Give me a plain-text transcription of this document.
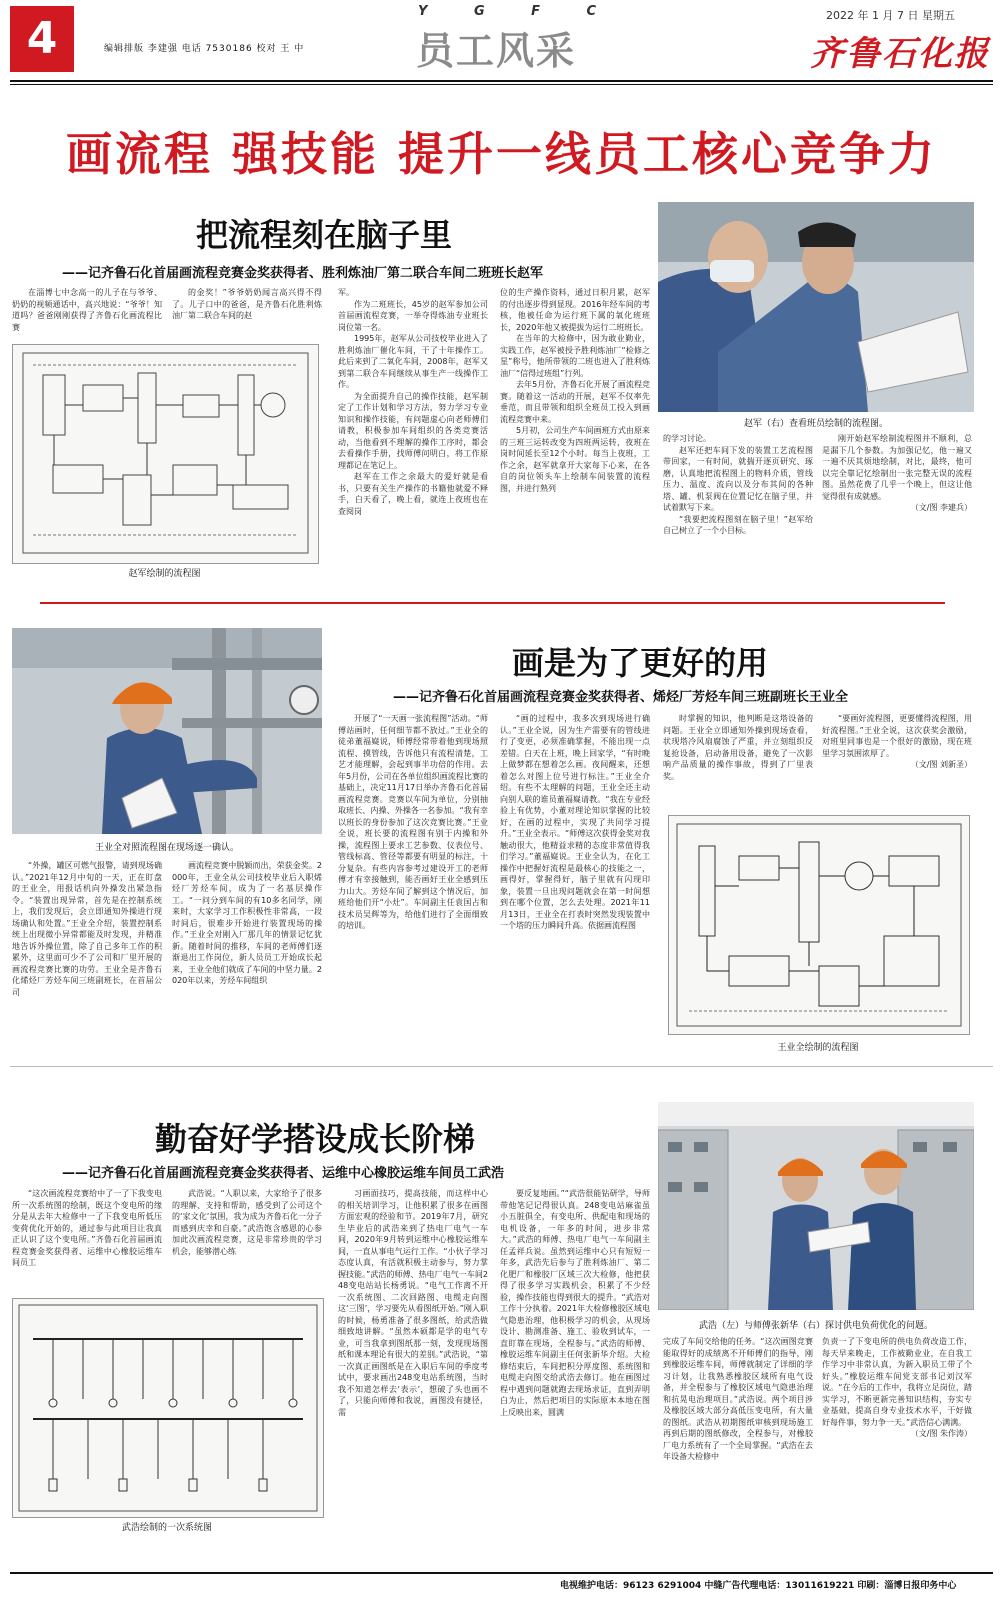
4	编辑排版 李建强 电话 7530186 校对 王 中
Y G F C
员工风采
2022 年 1 月 7 日 星期五
齐鲁石化报
画流程 强技能 提升一线员工核心竞争力
把流程刻在脑子里
——记齐鲁石化首届画流程竞赛金奖获得者、胜利炼油厂第二联合车间二班班长赵军

在淄博七中念高一的儿子在与爷爷、奶奶的视频通话中，高兴地说：“爷爷！知道吗？爸爸刚刚获得了齐鲁石化画流程比赛

的金奖！”爷爷奶奶闻言高兴得不得了。儿子口中的爸爸，是齐鲁石化胜利炼油厂第二联合车间的赵

赵军绘制的流程图

军。

作为二班班长，45岁的赵军参加公司首届画流程竞赛，一举夺得炼油专业班长岗位第一名。

1995年，赵军从公司技校毕业进入了胜利炼油厂催化车间，干了十年操作工。此后来到了二氧化车间，2008年，赵军又到第二联合车间继续从事生产一线操作工作。

为全面提升自己的操作技能，赵军制定了工作计划和学习方法，努力学习专业知识和操作技能，有问题虚心向老师傅们请教，积极参加车间组织的各类竞赛活动，当他看到不理解的操作工序时，都会去看操作手册，找师傅问明白，将工作原理都记在笔记上。

赵军在工作之余最大的爱好就是看书，只要有关生产操作的书籍他就爱不释手，白天看了，晚上看，就连上夜班也在查阅岗

位的生产操作资料，通过日积月累，赵军的付出逐步得到显现。2016年经车间的考核，他被任命为运行班下属的氧化班班长，2020年他又被提拔为运行二班班长。

在当年的大检修中，因为敢业勤业，实践工作，赵军被授予胜利炼油厂“检修之星”称号，他所带领的二班也进入了胜利炼油厂“信得过班组”行列。

去年5月份，齐鲁石化开展了画流程竞赛。随着这一活动的开展，赵军不仅率先垂范，而且带领和组织全班员工投入到画流程竞赛中来。

5月初，公司生产车间画班方式由原来的三班三运转改变为四班两运转，夜班在岗时间延长至12个小时。每当上夜班，工作之余，赵军就拿开大家每下心来，在各自的岗位领头车上绘制车间装置的流程图，并进行熟列

赵军（右）查看班员绘制的流程图。

的学习讨论。

赵军还把车间下发的装置工艺流程图带回家，一有时间，就揣开逐页研究、琢磨，认真地把流程图上的物料介质，管线压力、温度、流向以及分布其间的各种塔、罐、机泵阀在位置记忆在脑子里，并试着默写下来。

“我要把流程图刻在脑子里！”赵军给自己树立了一个小目标。

刚开始赵军绘制流程图并不顺利，总是漏下几个参数。为加强记忆，他一遍又一遍不厌其烦地绘制，对比，最终，他可以完全靠记忆绘制出一张完整无误的流程图。虽然花费了几乎一个晚上，但这让他觉得很有成就感。

（文/图 李建兵）

王业全对照流程图在现场逐一确认。
画是为了更好的用
——记齐鲁石化首届画流程竞赛金奖获得者、烯烃厂芳烃车间三班副班长王业全

“外操，罐区可燃气报警，请到现场确认。”2021年12月中旬的一天，正在盯盘的王业全，用报话机向外操发出紧急指令。“装置出现异常，首先是在控制系统上，我们发现后，会立即通知外操进行现场确认和处置。”王业全介绍，装置控制系统上出现微小异常都能及时发现，并精准地告诉外操位置，除了自己多年工作的积累外，这里面可少不了公司和厂里开展的画流程竞赛比赛的功劳。王业全是齐鲁石化烯烃厂芳烃车间三班副班长，在首届公司

画流程竞赛中脱颖而出，荣获金奖。2000年，王业全从公司技校毕业后入职烯烃厂芳烃车间，成为了一名基层操作工。“一问分到车间的有10多名同学，刚来时，大家学习工作积极性非常高，一段时间后，很难步开始进行装置现场的操作。”王业全对刚入厂那几年的情景记忆犹新。随着时间的推移，车间的老师傅们逐渐退出工作岗位，新人员员工开始成长起来，王业全他们就成了车间的中坚力量。2020年以来，芳烃车间组织

开展了“一天画一张流程图”活动。“师傅站画时，任何细节都不放过。”王业全的徒弟董福嶷说，师傅经常带着他到现场照流程、摸管线，告诉他只有流程清楚，工艺才能理解，会起到事半功倍的作用。去年5月份，公司在各单位组织画流程比赛的基础上，决定11月17日举办齐鲁石化首届画流程竞赛。竞赛以车间为单位，分别抽取班长、内操、外操各一名参加。“我有幸以班长的身份参加了这次竞赛比赛。”王业全说，班长要的流程图有别于内操和外操，流程图上要求工艺参数、仪表位号、管线标高、管径等都要有明显的标注，十分复杂。有些内容参考过建设开工的老师傅才有幸接触到，能否画好王业全感到压力山大。芳烃车间了解到这个情况后，加班给他们开“小灶”。车间副主任袁国占和技术员吴辉等为，给他们进行了全面细致的培训。

“画的过程中，我多次到现场进行确认。”王业全说，因为生产需要有的管线进行了变更，必须准确掌握，不能出现一点差错。白天在上班，晚上回家学，“有时晚上做梦都在想着怎么画。夜间醒来，还想着怎么对图上位号进行标注。”王业全介绍。有些不太理解的问题，王业全还主动向别人联的谁员董福嶷请教。“我在专业经验上有优势，小董对理论知识掌握的比较好，在画的过程中，实现了共同学习提升。”王业全表示。“师傅这次获得金奖对我触动很大，他精益求精的态度非常值得我们学习。”董福嶷说。王业全认为，在化工操作中把握好流程是最核心的技能之一，画得好，掌握得好，脑子里就有闪现印象，装置一旦出现问题就会在第一时间想到在哪个位置，怎么去处理。2021年11月13日，王业全在打表时突然发现装置中一个塔的压力瞬间升高。依据画流程图

时掌握的知识，他判断是这塔设备的问题。王业全立即通知外操到现场查看，状现塔冷风扇腐蚀了严重，并立刻组织反复抢设备，启动备用设备，避免了一次影响产品质量的操作事故，得到了厂里表奖。

“要画好流程图，更要懂得流程图，用好流程图。”王业全说，这次获奖会激励，对班里同事也是一个很好的激励，现在班里学习氛围浓厚了。

（文/图 刘新圣）

王业全绘制的流程图
勤奋好学搭设成长阶梯
——记齐鲁石化首届画流程竞赛金奖获得者、运维中心橡胶运维车间员工武浩
武浩（左）与师傅张新华（右）探讨供电负荷优化的问题。

“这次画流程竞赛给中了一了下我变电所一次系统图的绘制，既这个变电所的缘分是从去年大检修中一了下我变电所低压变荷优化开始的，通过参与此项目让我真正认识了这个变电所。”齐鲁石化首届画流程竞赛金奖获得者、运维中心橡胶运维车间员工

武浩说。“人职以来，大家给予了很多的理解、支持和帮助，感受到了公司这个的‘家文化’氛围，我为成为齐鲁石化一分子而感到庆幸和自豪。”武浩饱含感恩的心参加此次画流程竞赛，这是非常珍贵的学习机会，能够潜心练

武浩绘制的一次系统图

习画面技巧，提高技能，而这样中心的相关培训学习，让他积累了很多在画图方面宏观的经验和节。2019年7月，研究生毕业后的武浩来到了热电厂电气一车间，2020年9月转到运维中心橡胶运维车间，一直从事电气运行工作。“小伙子学习态度认真，有活就积极主动参与，努力掌握技能。”武浩的师傅、热电厂电气一车间248变电站站长杨勇说。“电气工作离不开一次系统图、二次回路图、电缆走向图这‘三图’，学习要先从看图纸开始。”刚入职的时候，杨勇准备了很多图纸，给武浩做细致地讲解。“虽然本硕都是学的电气专业，可当我拿到图纸那一刻，发现现场图纸和课本理论有很大的差别。”武浩说，“第一次真正画图纸是在入职后车间的季度考试中，要求画出248变电站系统图，当时我不知道怎样去‘表示’，想破了头也画不了，只能向师傅和我说，画图没有捷径，需

要反复地画。”“武浩很能钻研学，导师带他笔记记得很认真。248变电站麻雀虽小五脏俱全，有变电所、供配电和现场的电机设备，一年多的时间，进步非常大。”武浩的师傅、热电厂电气一车间副主任孟祥兵说。虽然到运维中心只有短短一年多，武浩先后参与了胜利炼油厂、第二化肥厂和橡胶厂区域三次大检修，他把获得了很多学习实践机会，积累了不少经验，操作技能也得到很大的提升。“武浩对工作十分执着。2021年大检修橡胶区域电气隐患治理，他积极学习的机会，从现场设计、勘测准备、施工、验收到试车，一直盯靠在现场，全程参与。”武浩的师傅、橡胶运维车间副主任何张新华介绍。大检修结束后，车间把积分厚度图、系统图和电缆走向图交给武浩去修订。他在画图过程中遇到问题就跑去现场求证，直到弄明白为止，然后把项目的实际原本本地在图上反映出来，圆满

完成了车间交给他的任务。“这次画图竞赛能取得好的成绩离不开师傅们的指导，刚到橡胶运维车间，师傅就制定了详细的学习计划，让我熟悉橡胶区域所有电气设备，并全程参与了橡胶区域电气隐患治理和抗晃电治理项目。”武浩说。两个项目涉及橡胶区域大部分高低压变电所，有大量的图纸。武浩从初期图纸审核到现场施工再到后期的图纸修改，全程参与，对橡胶厂电力系统有了一个全局掌握。“武浩在去年设备大检修中

负责一了下变电所的供电负荷改造工作，每天早来晚走，工作被勤业业，在自我工作学习中非常认真，为新入职员工带了个好头。”橡胶运维车间党支部书记刘汉军说。“在今后的工作中，我将立足岗位，踏实学习，不断更新完善知识结构，夯实专业基础，提高自身专业技术水平，干好做好每件事，努力争一天。”武浩信心满满。

（文/图 朱作涛）

电视维护电话：96123 6291004 中缝广告代理电话：13011619221 印刷：淄博日报印务中心
